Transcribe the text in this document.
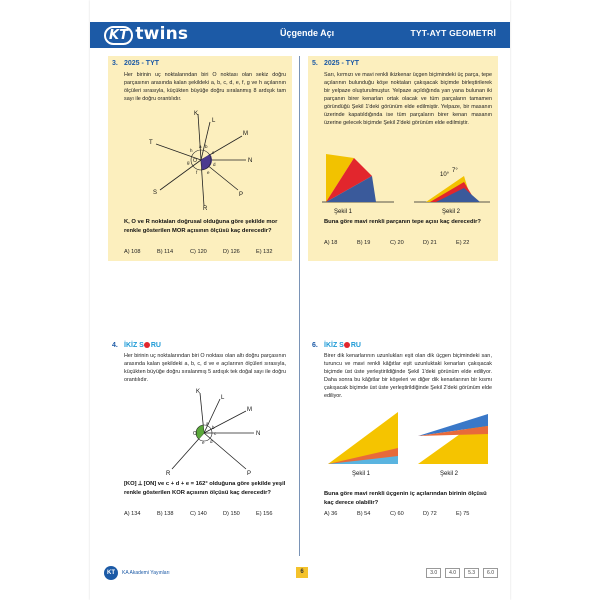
KT twins	Üçgende Açı	TYT-AYT GEOMETRİ
3. 2025 - TYT
Her birinin uç noktalarından biri O noktası olan sekiz doğru parçasının arasında kalan şekildeki a, b, c, d, e, f, g ve h açılarının ölçüleri sırasıyla, küçükten büyüğe doğru sıralanmış 8 ardışık tam sayı ile doğru orantılıdır.
K
L
M
N
P
R
S
T
O
a b
c
d
e
f
g
h
K, O ve R noktaları doğrusal olduğuna göre şekilde mor renkle gösterilen MOR açısının ölçüsü kaç derecedir?
A) 108	B) 114	C) 120	D) 126	E) 132
5. 2025 - TYT
Sarı, kırmızı ve mavi renkli ikizkenar üçgen biçimindeki üç parça, tepe açılarının bulunduğu köşe noktaları çakışacak biçimde birleştirilerek bir yelpaze oluşturulmuştur. Yelpaze açıldığında yan yana bulunan iki parçanın birer kenarları ortak olacak ve tüm parçaların tamamen göründüğü Şekil 1'deki görünüm elde edilmiştir. Yelpaze, bir masanın üzerinde kapatıldığında ise tüm parçaların birer kenarı masanın üzerine gelecek biçimde Şekil 2'deki görünüm elde edilmiştir.
Şekil 1
10°
7°
Şekil 2
Buna göre mavi renkli parçanın tepe açısı kaç derecedir?
A) 18	B) 19	C) 20	D) 21	E) 22
4. İKİZ S RU
Her birinin uç noktalarından biri O noktası olan altı doğru parçasının arasında kalan şekildeki a, b, c, d ve e açılarının ölçüleri sırasıyla, küçükten büyüğe doğru sıralanmış 5 ardışık tek doğal sayı ile doğru orantılıdır.
K
L
M
N
P
R
O
a
b
c
d
e
[KO] ⟂ [ON] ve c + d + e = 162° olduğuna göre şekilde yeşil renkle gösterilen KOR açısının ölçüsü kaç derecedir?
A) 134	B) 138	C) 140	D) 150	E) 156
6. İKİZ S RU
Birer dik kenarlarının uzunlukları eşit olan dik üçgen biçimindeki sarı, turuncu ve mavi renkli kâğıtlar eşit uzunluktaki kenarları çakışacak biçimde üst üste yerleştirildiğinde Şekil 1'deki görünüm elde ediliyor. Daha sonra bu kâğıtlar bir köşeleri ve diğer dik kenarlarının bir kısmı çakışacak biçimde üst üste yerleştirildiğinde Şekil 2'deki görünüm elde ediliyor.
Şekil 1	Şekil 2
Buna göre mavi renkli üçgenin iç açılarından birinin ölçüsü kaç derece olabilir?
A) 36	B) 54	C) 60	D) 72	E) 75
KT	KA Akademi Yayınları	6	3.0	4.0	5.3	6.0
